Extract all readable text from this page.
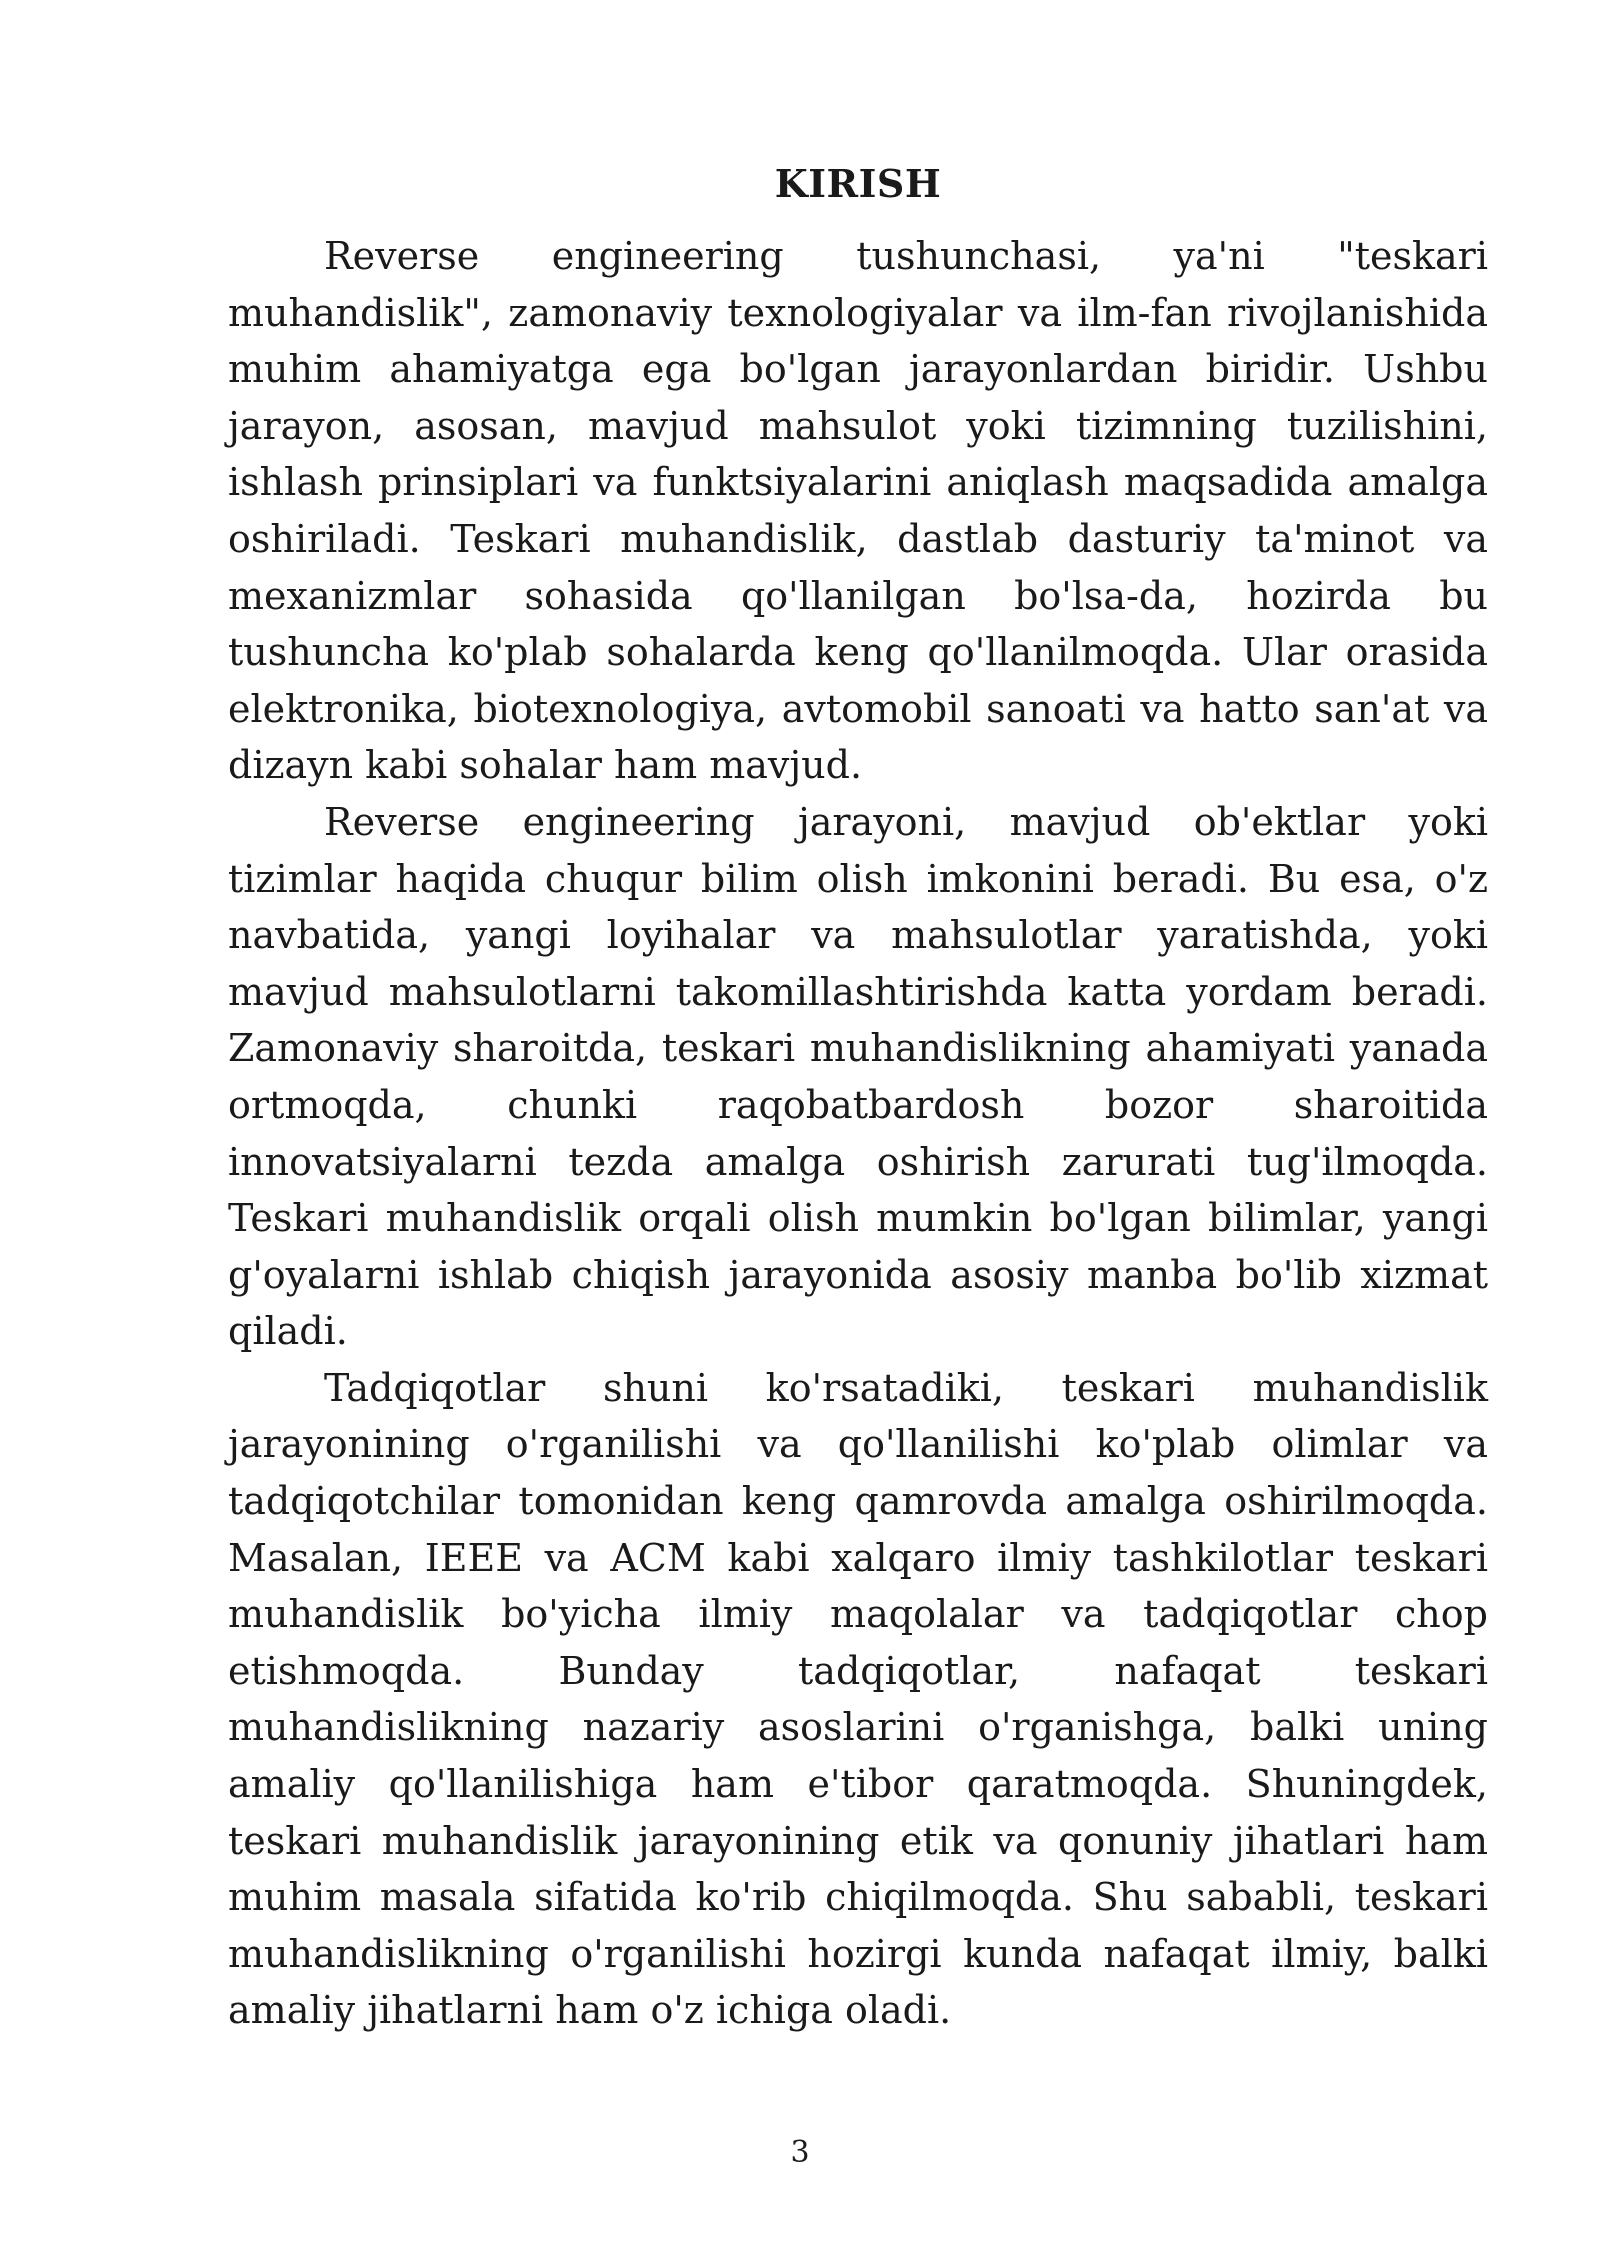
KIRISH

Reverse engineering tushunchasi, ya'ni "teskari muhandislik", zamonaviy texnologiyalar va ilm-fan rivojlanishida muhim ahamiyatga ega bo'lgan jarayonlardan biridir. Ushbu jarayon, asosan, mavjud mahsulot yoki tizimning tuzilishini, ishlash prinsiplari va funktsiyalarini aniqlash maqsadida amalga oshiriladi. Teskari muhandislik, dastlab dasturiy ta'minot va mexanizmlar sohasida qo'llanilgan bo'lsa-da, hozirda bu tushuncha ko'plab sohalarda keng qo'llanilmoqda. Ular orasida elektronika, biotexnologiya, avtomobil sanoati va hatto san'at va dizayn kabi sohalar ham mavjud.

Reverse engineering jarayoni, mavjud ob'ektlar yoki tizimlar haqida chuqur bilim olish imkonini beradi. Bu esa, o'z navbatida, yangi loyihalar va mahsulotlar yaratishda, yoki mavjud mahsulotlarni takomillashtirishda katta yordam beradi. Zamonaviy sharoitda, teskari muhandislikning ahamiyati yanada ortmoqda, chunki raqobatbardosh bozor sharoitida innovatsiyalarni tezda amalga oshirish zarurati tug'ilmoqda. Teskari muhandislik orqali olish mumkin bo'lgan bilimlar, yangi g'oyalarni ishlab chiqish jarayonida asosiy manba bo'lib xizmat qiladi.

Tadqiqotlar shuni ko'rsatadiki, teskari muhandislik jarayonining o'rganilishi va qo'llanilishi ko'plab olimlar va tadqiqotchilar tomonidan keng qamrovda amalga oshirilmoqda. Masalan, IEEE va ACM kabi xalqaro ilmiy tashkilotlar teskari muhandislik bo'yicha ilmiy maqolalar va tadqiqotlar chop etishmoqda. Bunday tadqiqotlar, nafaqat teskari muhandislikning nazariy asoslarini o'rganishga, balki uning amaliy qo'llanilishiga ham e'tibor qaratmoqda. Shuningdek, teskari muhandislik jarayonining etik va qonuniy jihatlari ham muhim masala sifatida ko'rib chiqilmoqda. Shu sababli, teskari muhandislikning o'rganilishi hozirgi kunda nafaqat ilmiy, balki amaliy jihatlarni ham o'z ichiga oladi.

3
